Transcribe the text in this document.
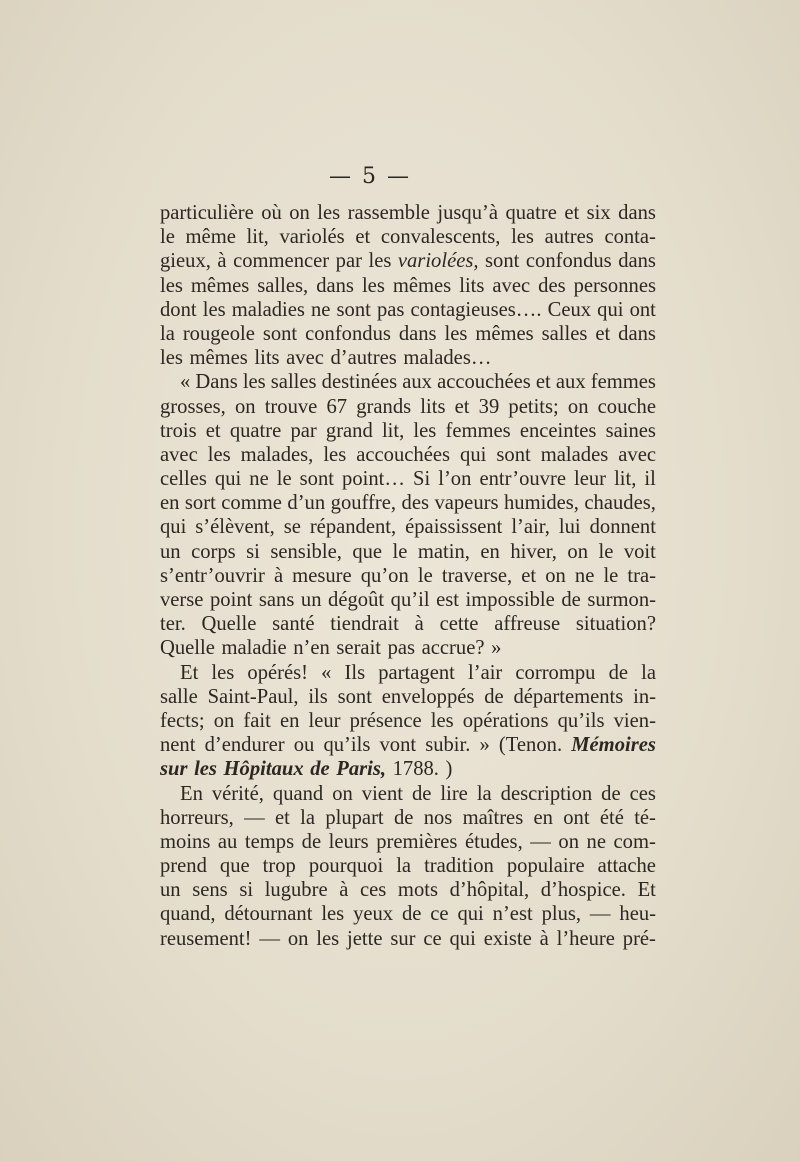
— 5 —
particulière où on les rassemble jusqu’à quatre et six dans
le même lit, variolés et convalescents, les autres conta-
gieux, à commencer par les variolées, sont confondus dans
les mêmes salles, dans les mêmes lits avec des personnes
dont les maladies ne sont pas contagieuses…. Ceux qui ont
la rougeole sont confondus dans les mêmes salles et dans
les mêmes lits avec d’autres malades…
« Dans les salles destinées aux accouchées et aux femmes
grosses, on trouve 67 grands lits et 39 petits; on couche
trois et quatre par grand lit, les femmes enceintes saines
avec les malades, les accouchées qui sont malades avec
celles qui ne le sont point… Si l’on entr’ouvre leur lit, il
en sort comme d’un gouffre, des vapeurs humides, chaudes,
qui s’élèvent, se répandent, épaississent l’air, lui donnent
un corps si sensible, que le matin, en hiver, on le voit
s’entr’ouvrir à mesure qu’on le traverse, et on ne le tra-
verse point sans un dégoût qu’il est impossible de surmon-
ter. Quelle santé tiendrait à cette affreuse situation?
Quelle maladie n’en serait pas accrue? »
Et les opérés! « Ils partagent l’air corrompu de la
salle Saint-Paul, ils sont enveloppés de départements in-
fects; on fait en leur présence les opérations qu’ils vien-
nent d’endurer ou qu’ils vont subir. » (Tenon. Mémoires
sur les Hôpitaux de Paris, 1788. )
En vérité, quand on vient de lire la description de ces
horreurs, — et la plupart de nos maîtres en ont été té-
moins au temps de leurs premières études, — on ne com-
prend que trop pourquoi la tradition populaire attache
un sens si lugubre à ces mots d’hôpital, d’hospice. Et
quand, détournant les yeux de ce qui n’est plus, — heu-
reusement! — on les jette sur ce qui existe à l’heure pré-
